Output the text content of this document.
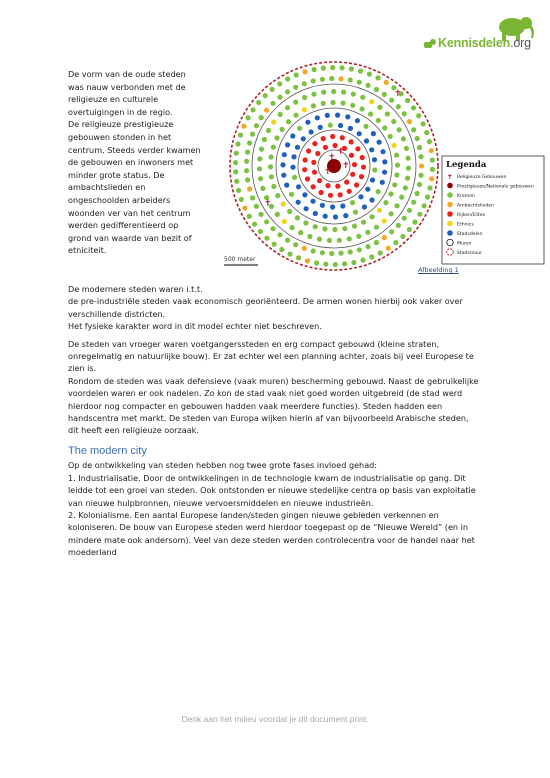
Kennisdelen.org
De vorm van de oude steden
was nauw verbonden met de
religieuze en culturele
overtuigingen in de regio.
De religieuze prestigieuze
gebouwen stonden in het
centrum. Steeds verder kwamen
de gebouwen en inwoners met
minder grote status. De
ambachtslieden en
ongeschoolden arbeiders
woonden ver van het centrum
werden gedifferentieerd op
grond van waarde van bezit of
etniciteit.
✝
✝
✝
✝
✝
✝
500 meter
Legenda
✝ Religieuze Gebouwen
Prestigieuze/Nationale gebouwen
Kramen
Ambachtslieden
Rijken/Elites
Ethnics
Stadsdelen
Muren
Stadsmuur
Afbeelding 1

De modernere steden waren i.t.t.
de pre-industriële steden vaak economisch georiënteerd. De armen wonen hierbij ook vaker over
verschillende districten.
Het fysieke karakter word in dit model echter niet beschreven.

De steden van vroeger waren voetgangerssteden en erg compact gebouwd (kleine straten,
onregelmatig en natuurlijke bouw). Er zat echter wel een planning achter, zoals bij veel Europese te
zien is.
Rondom de steden was vaak defensieve (vaak muren) bescherming gebouwd. Naast de gebruikelijke
voordelen waren er ook nadelen. Zo kon de stad vaak niet goed worden uitgebreid (de stad werd
hierdoor nog compacter en gebouwen hadden vaak meerdere functies). Steden hadden een
handscentra met markt. De steden van Europa wijken hierin af van bijvoorbeeld Arabische steden,
dit heeft een religieuze oorzaak.

The modern city

Op de ontwikkeling van steden hebben nog twee grote fases invloed gehad:
1. Industrialisatie. Door de ontwikkelingen in de technologie kwam de industrialisatie op gang. Dit
leidde tot een groei van steden. Ook ontstonden er nieuwe stedelijke centra op basis van exploitatie
van nieuwe hulpbronnen, nieuwe vervoersmiddelen en nieuwe industrieën.
2. Kolonialisme. Een aantal Europese landen/steden gingen nieuwe gebieden verkennen en
koloniseren. De bouw van Europese steden werd hierdoor toegepast op de “Nieuwe Wereld” (en in
mindere mate ook andersom). Veel van deze steden werden controlecentra voor de handel naar het
moederland

Denk aan het milieu voordat je dit document print.
